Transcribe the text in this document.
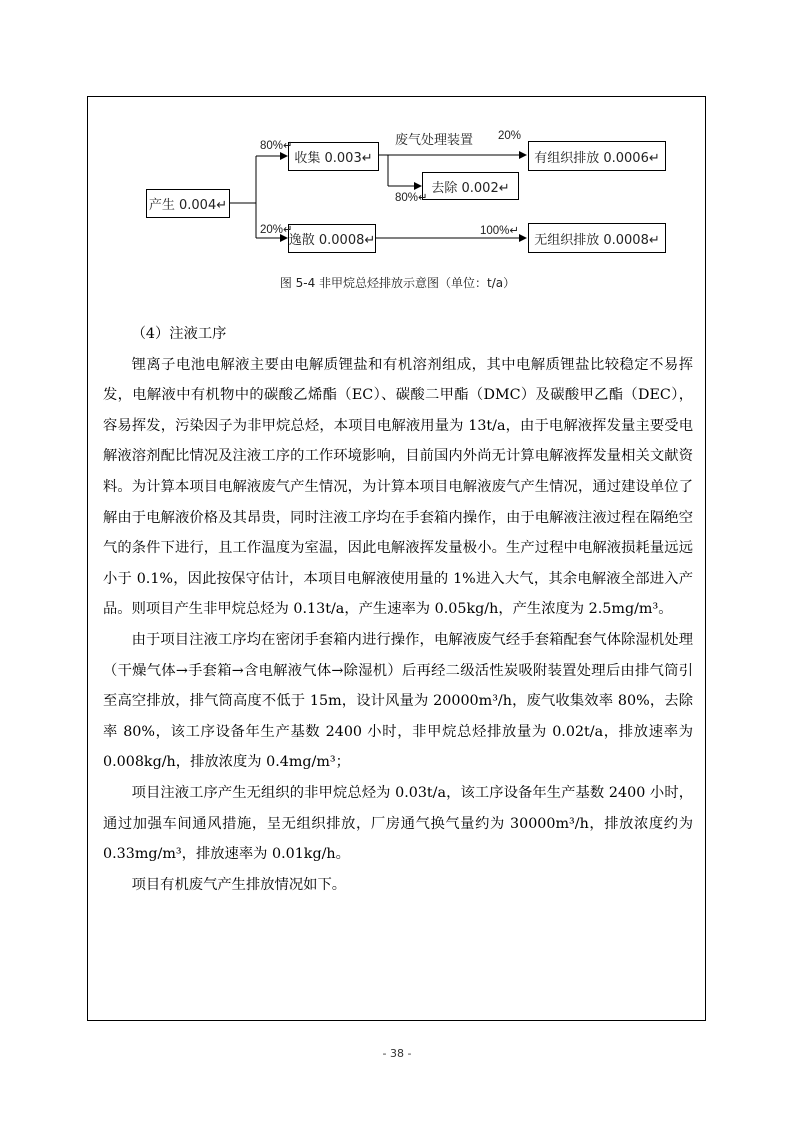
产生 0.004↵
收集 0.003↵
去除 0.002↵
有组织排放 0.0006↵
逸散 0.0008↵	无组织排放 0.0008↵
80%↵
20%↵
废气处理装置 20%
80%↵
100%↵
图 5-4 非甲烷总烃排放示意图（单位：t/a）

（4）注液工序

锂离子电池电解液主要由电解质锂盐和有机溶剂组成，其中电解质锂盐比较稳定不易挥发，电解液中有机物中的碳酸乙烯酯（EC）、碳酸二甲酯（DMC）及碳酸甲乙酯（DEC），容易挥发，污染因子为非甲烷总烃，本项目电解液用量为 13t/a，由于电解液挥发量主要受电解液溶剂配比情况及注液工序的工作环境影响，目前国内外尚无计算电解液挥发量相关文献资料。为计算本项目电解液废气产生情况，为计算本项目电解液废气产生情况，通过建设单位了解由于电解液价格及其昂贵，同时注液工序均在手套箱内操作，由于电解液注液过程在隔绝空气的条件下进行，且工作温度为室温，因此电解液挥发量极小。生产过程中电解液损耗量远远小于 0.1%，因此按保守估计，本项目电解液使用量的 1%进入大气，其余电解液全部进入产品。则项目产生非甲烷总烃为 0.13t/a，产生速率为 0.05kg/h，产生浓度为 2.5mg/m³。

由于项目注液工序均在密闭手套箱内进行操作，电解液废气经手套箱配套气体除湿机处理（干燥气体→手套箱→含电解液气体→除湿机）后再经二级活性炭吸附装置处理后由排气筒引至高空排放，排气筒高度不低于 15m，设计风量为 20000m³/h，废气收集效率 80%，去除率 80%，该工序设备年生产基数 2400 小时，非甲烷总烃排放量为 0.02t/a，排放速率为 0.008kg/h，排放浓度为 0.4mg/m³；

项目注液工序产生无组织的非甲烷总烃为 0.03t/a，该工序设备年生产基数 2400 小时，通过加强车间通风措施，呈无组织排放，厂房通气换气量约为 30000m³/h，排放浓度约为 0.33mg/m³，排放速率为 0.01kg/h。

项目有机废气产生排放情况如下。

- 38 -
